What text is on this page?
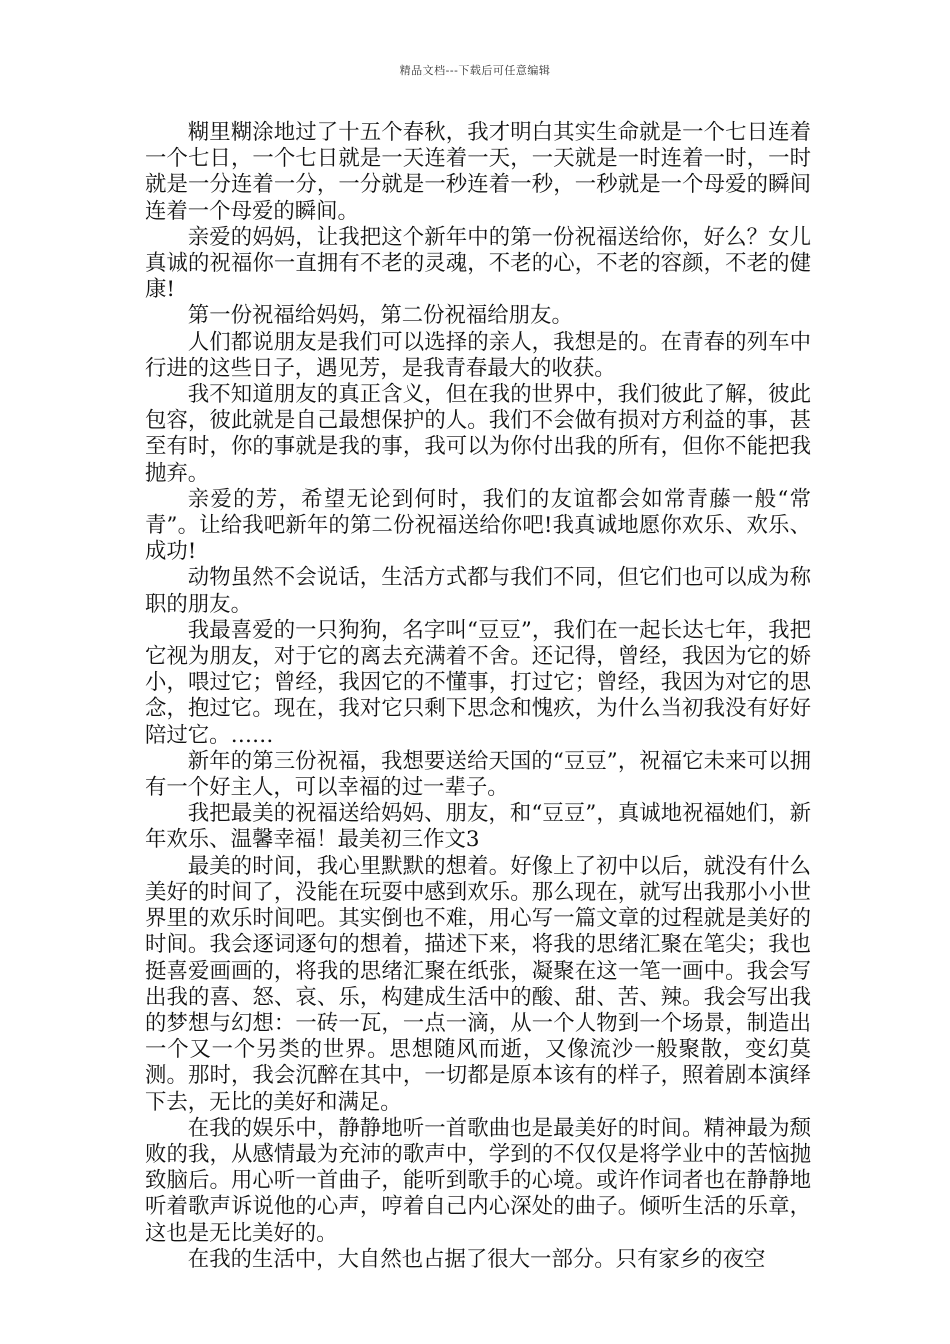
精品文档---下载后可任意编辑

糊里糊涂地过了十五个春秋，我才明白其实生命就是一个七日连着一个七日，一个七日就是一天连着一天，一天就是一时连着一时，一时就是一分连着一分，一分就是一秒连着一秒，一秒就是一个母爱的瞬间连着一个母爱的瞬间。

亲爱的妈妈，让我把这个新年中的第一份祝福送给你，好么？女儿真诚的祝福你一直拥有不老的灵魂，不老的心，不老的容颜，不老的健康!

第一份祝福给妈妈，第二份祝福给朋友。

人们都说朋友是我们可以选择的亲人，我想是的。在青春的列车中行进的这些日子，遇见芳，是我青春最大的收获。

我不知道朋友的真正含义，但在我的世界中，我们彼此了解，彼此包容，彼此就是自己最想保护的人。我们不会做有损对方利益的事，甚至有时，你的事就是我的事，我可以为你付出我的所有，但你不能把我抛弃。

亲爱的芳，希望无论到何时，我们的友谊都会如常青藤一般“常青”。让给我吧新年的第二份祝福送给你吧!我真诚地愿你欢乐、欢乐、成功!

动物虽然不会说话，生活方式都与我们不同，但它们也可以成为称职的朋友。

我最喜爱的一只狗狗，名字叫“豆豆”，我们在一起长达七年，我把它视为朋友，对于它的离去充满着不舍。还记得，曾经，我因为它的娇小，喂过它；曾经，我因它的不懂事，打过它；曾经，我因为对它的思念，抱过它。现在，我对它只剩下思念和愧疚，为什么当初我没有好好陪过它。……

新年的第三份祝福，我想要送给天国的“豆豆”，祝福它未来可以拥有一个好主人，可以幸福的过一辈子。

我把最美的祝福送给妈妈、朋友，和“豆豆”，真诚地祝福她们，新年欢乐、温馨幸福！最美初三作文3

最美的时间，我心里默默的想着。好像上了初中以后，就没有什么美好的时间了，没能在玩耍中感到欢乐。那么现在，就写出我那小小世界里的欢乐时间吧。其实倒也不难，用心写一篇文章的过程就是美好的时间。我会逐词逐句的想着，描述下来，将我的思绪汇聚在笔尖；我也挺喜爱画画的，将我的思绪汇聚在纸张，凝聚在这一笔一画中。我会写出我的喜、怒、哀、乐，构建成生活中的酸、甜、苦、辣。我会写出我的梦想与幻想：一砖一瓦，一点一滴，从一个人物到一个场景，制造出一个又一个另类的世界。思想随风而逝，又像流沙一般聚散，变幻莫测。那时，我会沉醉在其中，一切都是原本该有的样子，照着剧本演绎下去，无比的美好和满足。

在我的娱乐中，静静地听一首歌曲也是最美好的时间。精神最为颓败的我，从感情最为充沛的歌声中，学到的不仅仅是将学业中的苦恼抛致脑后。用心听一首曲子，能听到歌手的心境。或许作词者也在静静地听着歌声诉说他的心声，哼着自己内心深处的曲子。倾听生活的乐章，这也是无比美好的。

在我的生活中，大自然也占据了很大一部分。只有家乡的夜空
